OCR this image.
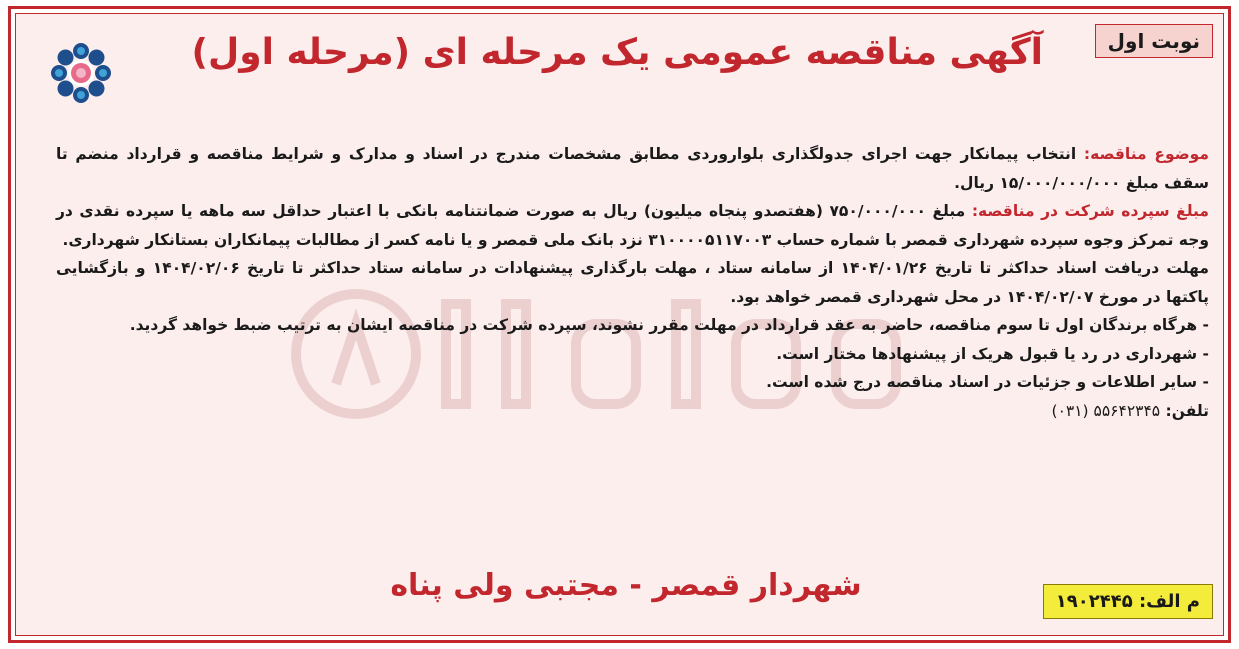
نوبت اول
آگهی مناقصه عمومی یک مرحله ای (مرحله اول)

موضوع مناقصه: انتخاب پیمانکار جهت اجرای جدولگذاری بلواروردی مطابق مشخصات مندرج در اسناد و مدارک و شرایط مناقصه و قرارداد منضم تا سقف مبلغ ۱۵/۰۰۰/۰۰۰/۰۰۰ ریال.

مبلغ سپرده شرکت در مناقصه: مبلغ ۷۵۰/۰۰۰/۰۰۰ (هفتصدو پنجاه میلیون) ریال به صورت ضمانتنامه بانکی با اعتبار حداقل سه ماهه یا سپرده نقدی در وجه تمرکز وجوه سپرده شهرداری قمصر با شماره حساب ۳۱۰۰۰۰۵۱۱۷۰۰۳ نزد بانک ملی قمصر و یا نامه کسر از مطالبات پیمانکاران بستانکار شهرداری.

مهلت دریافت اسناد حداکثر تا تاریخ ۱۴۰۴/۰۱/۲۶ از سامانه ستاد ، مهلت بارگذاری پیشنهادات در سامانه ستاد حداکثر تا تاریخ ۱۴۰۴/۰۲/۰۶ و بازگشایی پاکتها در مورخ ۱۴۰۴/۰۲/۰۷ در محل شهرداری قمصر خواهد بود.

- هرگاه برندگان اول تا سوم مناقصه، حاضر به عقد قرارداد در مهلت مقرر نشوند، سپرده شرکت در مناقصه ایشان به ترتیب ضبط خواهد گردید.

- شهرداری در رد یا قبول هریک از پیشنهادها مختار است.

- سایر اطلاعات و جزئیات در اسناد مناقصه درج شده است.

تلفن: ۵۵۶۴۲۳۴۵ (۰۳۱)

شهردار قمصر - مجتبی ولی پناه	م الف: ۱۹۰۲۴۴۵
